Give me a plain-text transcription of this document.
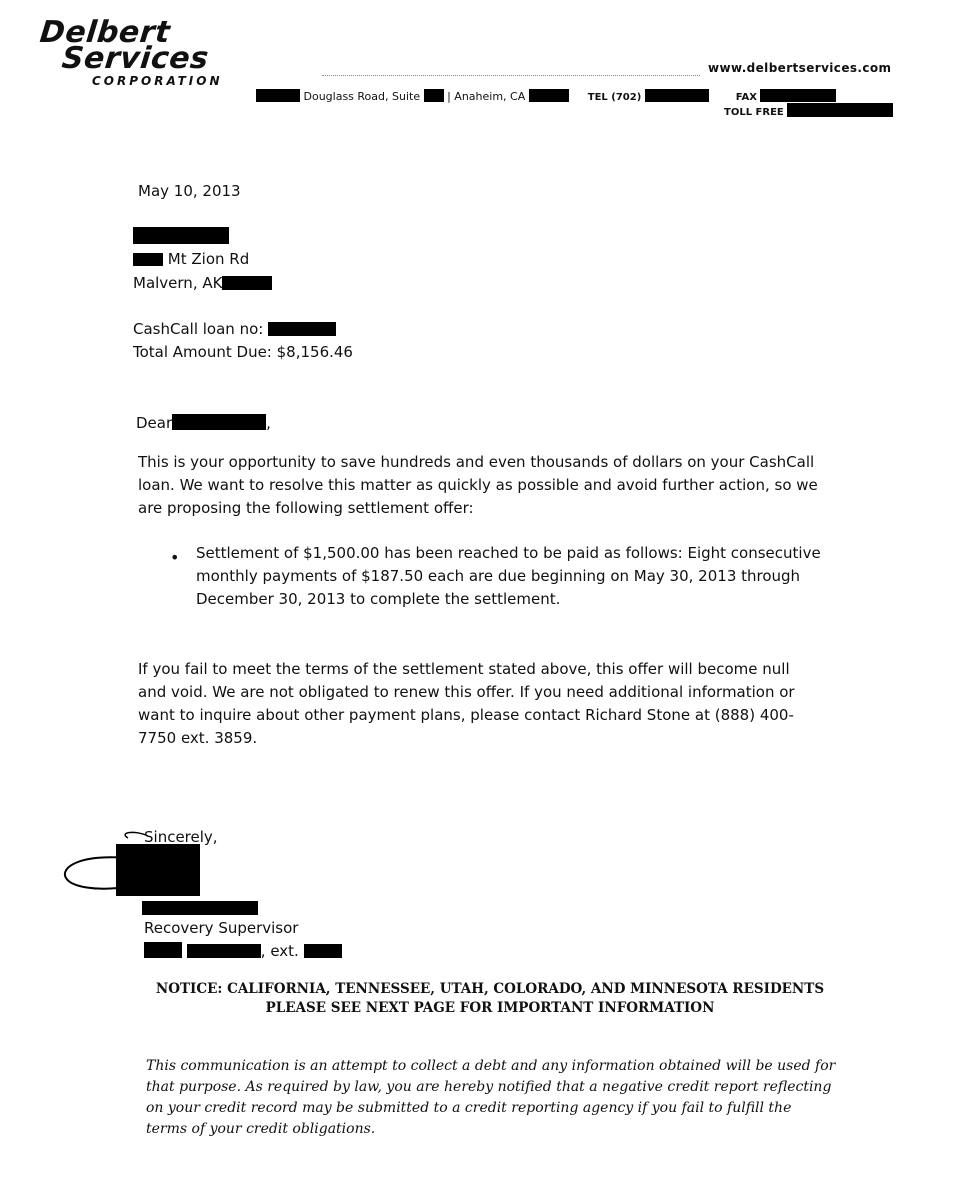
Delbert
Services
CORPORATION
www.delbertservices.com
Douglass Road, Suite | Anaheim, CA	TEL (702)	FAX
TOLL FREE
May 10, 2013
Mt Zion Rd
Malvern, AK
CashCall loan no:
Total Amount Due: $8,156.46
Dear	,
This is your opportunity to save hundreds and even thousands of dollars on your CashCall loan. We want to resolve this matter as quickly as possible and avoid further action, so we are proposing the following settlement offer:
• Settlement of $1,500.00 has been reached to be paid as follows: Eight consecutive monthly payments of $187.50 each are due beginning on May 30, 2013 through December 30, 2013 to complete the settlement.
If you fail to meet the terms of the settlement stated above, this offer will become null and void. We are not obligated to renew this offer. If you need additional information or want to inquire about other payment plans, please contact Richard Stone at (888) 400-7750 ext. 3859.
Sincerely,
Recovery Supervisor
, ext.
NOTICE: CALIFORNIA, TENNESSEE, UTAH, COLORADO, AND MINNESOTA RESIDENTS
PLEASE SEE NEXT PAGE FOR IMPORTANT INFORMATION
This communication is an attempt to collect a debt and any information obtained will be used for that purpose. As required by law, you are hereby notified that a negative credit report reflecting on your credit record may be submitted to a credit reporting agency if you fail to fulfill the terms of your credit obligations.
